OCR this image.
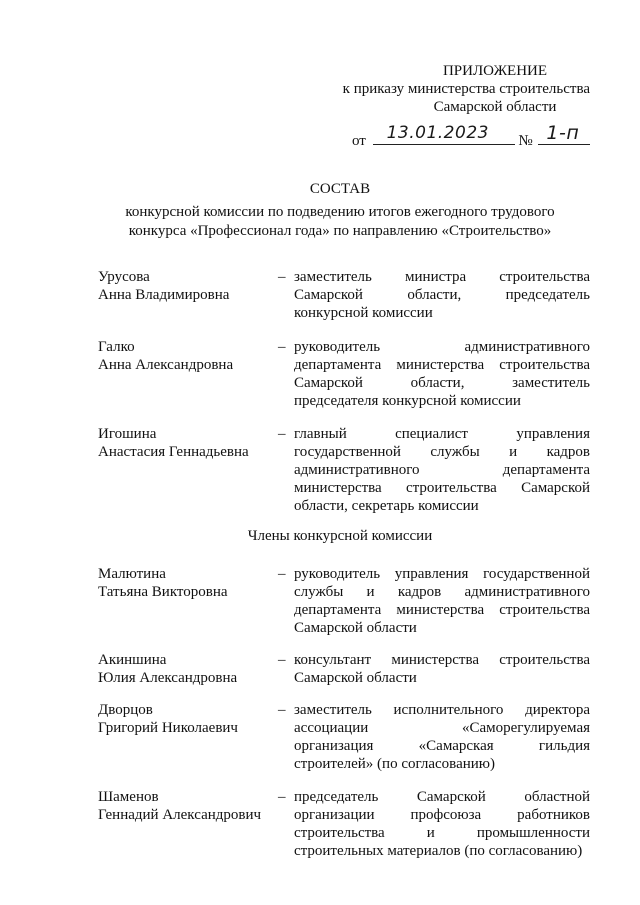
ПРИЛОЖЕНИЕ
к приказу министерства строительства
Самарской области
от 13.01.2023 № 1-п
СОСТАВ
конкурсной комиссии по подведению итогов ежегодного трудового
конкурса «Профессионал года» по направлению «Строительство»
Урусова
Анна Владимировна
– заместитель министра строительства
Самарской области, председатель
конкурсной комиссии
Галко
Анна Александровна
– руководитель административного
департамента министерства строительства
Самарской области, заместитель
председателя конкурсной комиссии
Игошина
Анастасия Геннадьевна
– главный специалист управления
государственной службы и кадров
административного департамента
министерства строительства Самарской
области, секретарь комиссии
Члены конкурсной комиссии
Малютина
Татьяна Викторовна
– руководитель управления государственной
службы и кадров административного
департамента министерства строительства
Самарской области
Акиншина
Юлия Александровна
– консультант министерства строительства
Самарской области
Дворцов
Григорий Николаевич
– заместитель исполнительного директора
ассоциации «Саморегулируемая
организация «Самарская гильдия
строителей» (по согласованию)
Шаменов
Геннадий Александрович
– председатель Самарской областной
организации профсоюза работников
строительства и промышленности
строительных материалов (по согласованию)
